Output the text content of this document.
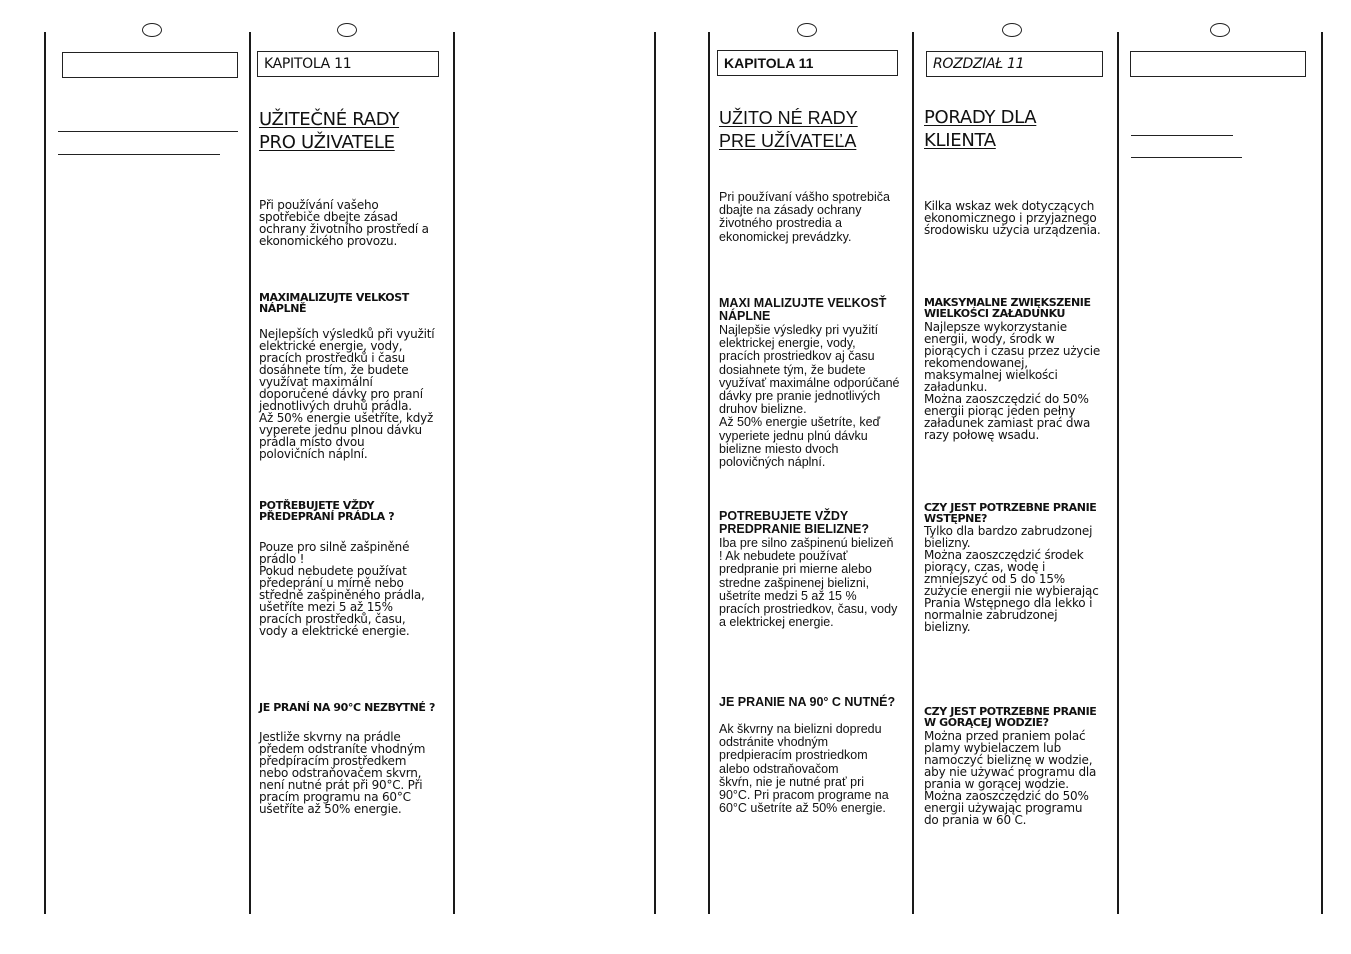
KAPITOLA 11
UŽITEČNÉ RADY
PRO UŽIVATELE

Při používání vašeho
spotřebiče dbejte zásad
ochrany životního prostředí a
ekonomického provozu.

MAXIMALIZUJTE VELKOST
NÁPLNĚ

Nejlepších výsledků při využití
elektrické energie, vody,
pracích prostředků i času
dosáhnete tím, že budete
využívat maximální
doporučené dávky pro praní
jednotlivých druhů prádla.
Až 50% energie ušetříte, když
vyperete jednu plnou dávku
prádla místo dvou
polovičních náplní.

POTŘEBUJETE VŽDY
PŘEDEPRANÍ PRÁDLA ?

Pouze pro silně zašpiněné
prádlo !
Pokud nebudete používat
předeprání u mírně nebo
středně zašpiněného prádla,
ušetříte mezi 5 až 15%
pracích prostředků, času,
vody a elektrické energie.

JE PRANÍ NA 90°C NEZBYTNÉ ?

Jestliže skvrny na prádle
předem odstraníte vhodným
předpíracím prostředkem
nebo odstraňovačem skvrn,
není nutné prát při 90°C. Při
pracím programu na 60°C
ušetříte až 50% energie.

KAPITOLA 11
UŽITO NÉ RADY
PRE UŽÍVATEĽA

Pri používaní vášho spotrebiča
dbajte na zásady ochrany
životného prostredia a
ekonomickej prevádzky.

MAXI MALIZUJTE VEĽKOSŤ
NÁPLNE

Najlepšie výsledky pri využití
elektrickej energie, vody,
pracích prostriedkov aj času
dosiahnete tým, že budete
využívať maximálne odporúčané
dávky pre pranie jednotlivých
druhov bielizne.
Až 50% energie ušetríte, keď
vyperiete jednu plnú dávku
bielizne miesto dvoch
polovičných náplní.

POTREBUJETE VŽDY
PREDPRANIE BIELIZNE?

Iba pre silno zašpinenú bielizeň
! Ak nebudete používať
predpranie pri mierne alebo
stredne zašpinenej bielizni,
ušetríte medzi 5 až 15 %
pracích prostriedkov, času, vody
a elektrickej energie.

JE PRANIE NA 90° C NUTNÉ?

Ak škvrny na bielizni dopredu
odstránite vhodným
predpieracím prostriedkom
alebo odstraňovačom
škvŕn, nie je nutné prať pri
90°C. Pri pracom programe na
60°C ušetríte až 50% energie.

ROZDZIAŁ 11
PORADY DLA
KLIENTA

Kilka wskaz wek dotyczących
ekonomicznego i przyjaznego
środowisku użycia urządzenia.

MAKSYMALNE ZWIĘKSZENIE
WIELKOŚCI ZAŁADUNKU

Najlepsze wykorzystanie
energii, wody, środk w
piorących i czasu przez użycie
rekomendowanej,
maksymalnej wielkości
załadunku.
Można zaoszczędzić do 50%
energii piorąc jeden pełny
załadunek zamiast prać dwa
razy połowę wsadu.

CZY JEST POTRZEBNE PRANIE
WSTĘPNE?

Tylko dla bardzo zabrudzonej
bielizny.
Można zaoszczędzić środek
piorący, czas, wodę i
zmniejszyć od 5 do 15%
zużycie energii nie wybierając
Prania Wstępnego dla lekko i
normalnie zabrudzonej
bielizny.

CZY JEST POTRZEBNE PRANIE
W GORĄCEJ WODZIE?

Można przed praniem polać
plamy wybielaczem lub
namoczyć bieliznę w wodzie,
aby nie używać programu dla
prania w gorącej wodzie.
Można zaoszczędzić do 50%
energii używając programu
do prania w 60 C.
